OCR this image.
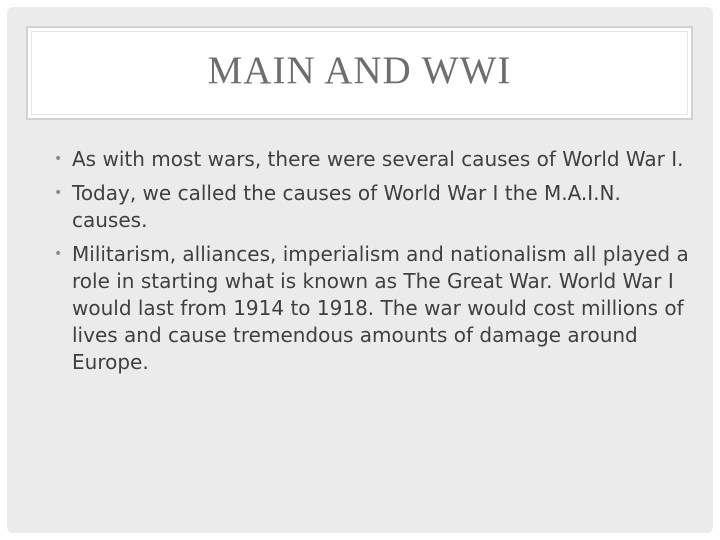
MAIN AND WWI
• As with most wars, there were several causes of World War I.
• Today, we called the causes of World War I the M.A.I.N. causes.
• Militarism, alliances, imperialism and nationalism all played a role in starting what is known as The Great War. World War I would last from 1914 to 1918. The war would cost millions of lives and cause tremendous amounts of damage around Europe.
